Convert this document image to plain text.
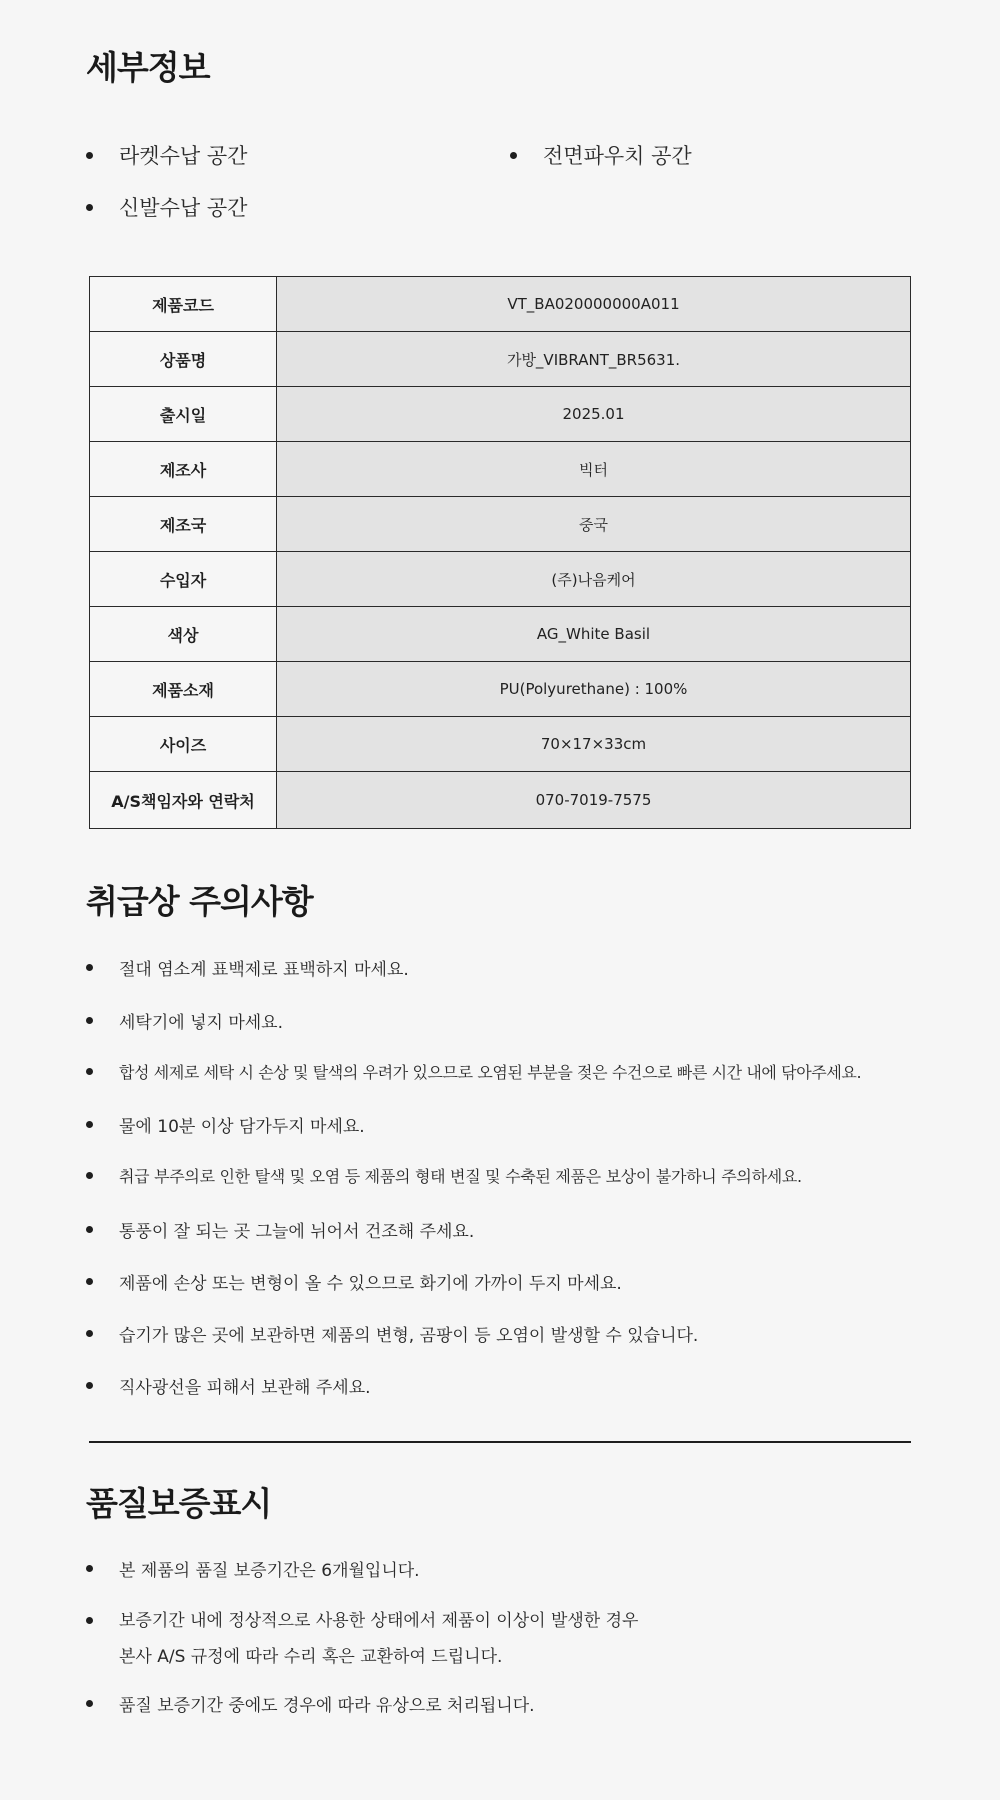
세부정보
라켓수납 공간	전면파우치 공간
신발수납 공간
제품코드	VT_BA020000000A011
상품명	가방_VIBRANT_BR5631.
출시일	2025.01
제조사	빅터
제조국	중국
수입자	(주)나음케어
색상	AG_White Basil
제품소재	PU(Polyurethane) : 100%
사이즈	70×17×33cm
A/S책임자와 연락처	070-7019-7575
취급상 주의사항
절대 염소계 표백제로 표백하지 마세요.
세탁기에 넣지 마세요.
합성 세제로 세탁 시 손상 및 탈색의 우려가 있으므로 오염된 부분을 젖은 수건으로 빠른 시간 내에 닦아주세요.
물에 10분 이상 담가두지 마세요.
취급 부주의로 인한 탈색 및 오염 등 제품의 형태 변질 및 수축된 제품은 보상이 불가하니 주의하세요.
통풍이 잘 되는 곳 그늘에 뉘어서 건조해 주세요.
제품에 손상 또는 변형이 올 수 있으므로 화기에 가까이 두지 마세요.
습기가 많은 곳에 보관하면 제품의 변형, 곰팡이 등 오염이 발생할 수 있습니다.
직사광선을 피해서 보관해 주세요.
품질보증표시
본 제품의 품질 보증기간은 6개월입니다.
보증기간 내에 정상적으로 사용한 상태에서 제품이 이상이 발생한 경우
본사 A/S 규정에 따라 수리 혹은 교환하여 드립니다.
품질 보증기간 중에도 경우에 따라 유상으로 처리됩니다.
